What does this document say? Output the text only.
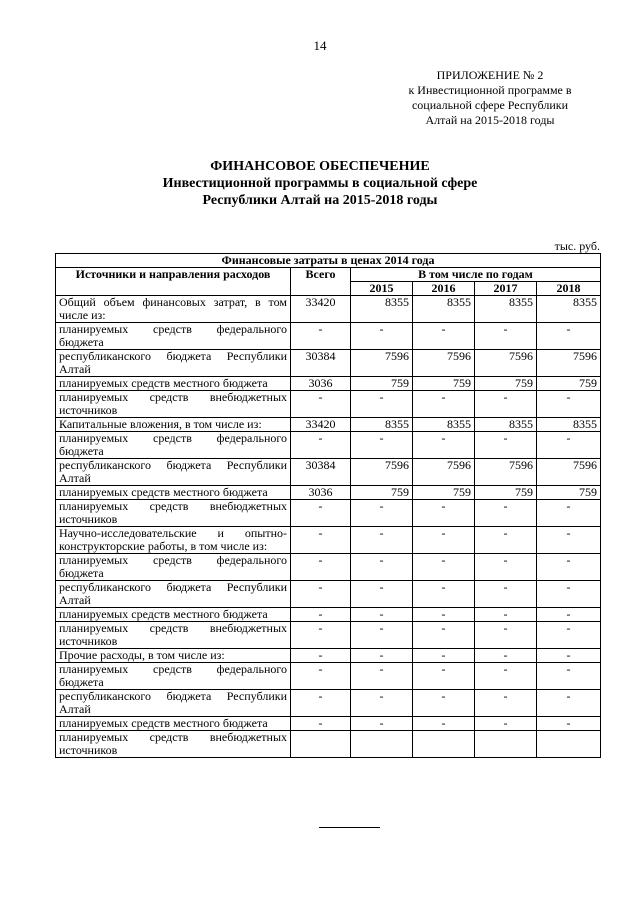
14
ПРИЛОЖЕНИЕ № 2
к Инвестиционной программе в
социальной сфере Республики
Алтай на 2015-2018 годы
ФИНАНСОВОЕ ОБЕСПЕЧЕНИЕ
Инвестиционной программы в социальной сфере
Республики Алтай на 2015-2018 годы
тыс. руб.
Финансовые затраты в ценах 2014 года					
Источники и направления расходов	Всего	В том числе по годам			
		2015	2016	2017	2018
Общий объем финансовых затрат, в том числе из:	33420	8355	8355	8355	8355
планируемых средств федерального бюджета	-	-	-	-	-
республиканского бюджета Республики Алтай	30384	7596	7596	7596	7596
планируемых средств местного бюджета	3036	759	759	759	759
планируемых средств внебюджетных источников	-	-	-	-	-
Капитальные вложения, в том числе из:	33420	8355	8355	8355	8355
планируемых средств федерального бюджета	-	-	-	-	-
республиканского бюджета Республики Алтай	30384	7596	7596	7596	7596
планируемых средств местного бюджета	3036	759	759	759	759
планируемых средств внебюджетных источников	-	-	-	-	-
Научно-исследовательские и опытно-конструкторские работы, в том числе из:	-	-	-	-	-
планируемых средств федерального бюджета	-	-	-	-	-
республиканского бюджета Республики Алтай	-	-	-	-	-
планируемых средств местного бюджета	-	-	-	-	-
планируемых средств внебюджетных источников	-	-	-	-	-
Прочие расходы, в том числе из:	-	-	-	-	-
планируемых средств федерального бюджета	-	-	-	-	-
республиканского бюджета Республики Алтай	-	-	-	-	-
планируемых средств местного бюджета	-	-	-	-	-
планируемых средств внебюджетных источников					
